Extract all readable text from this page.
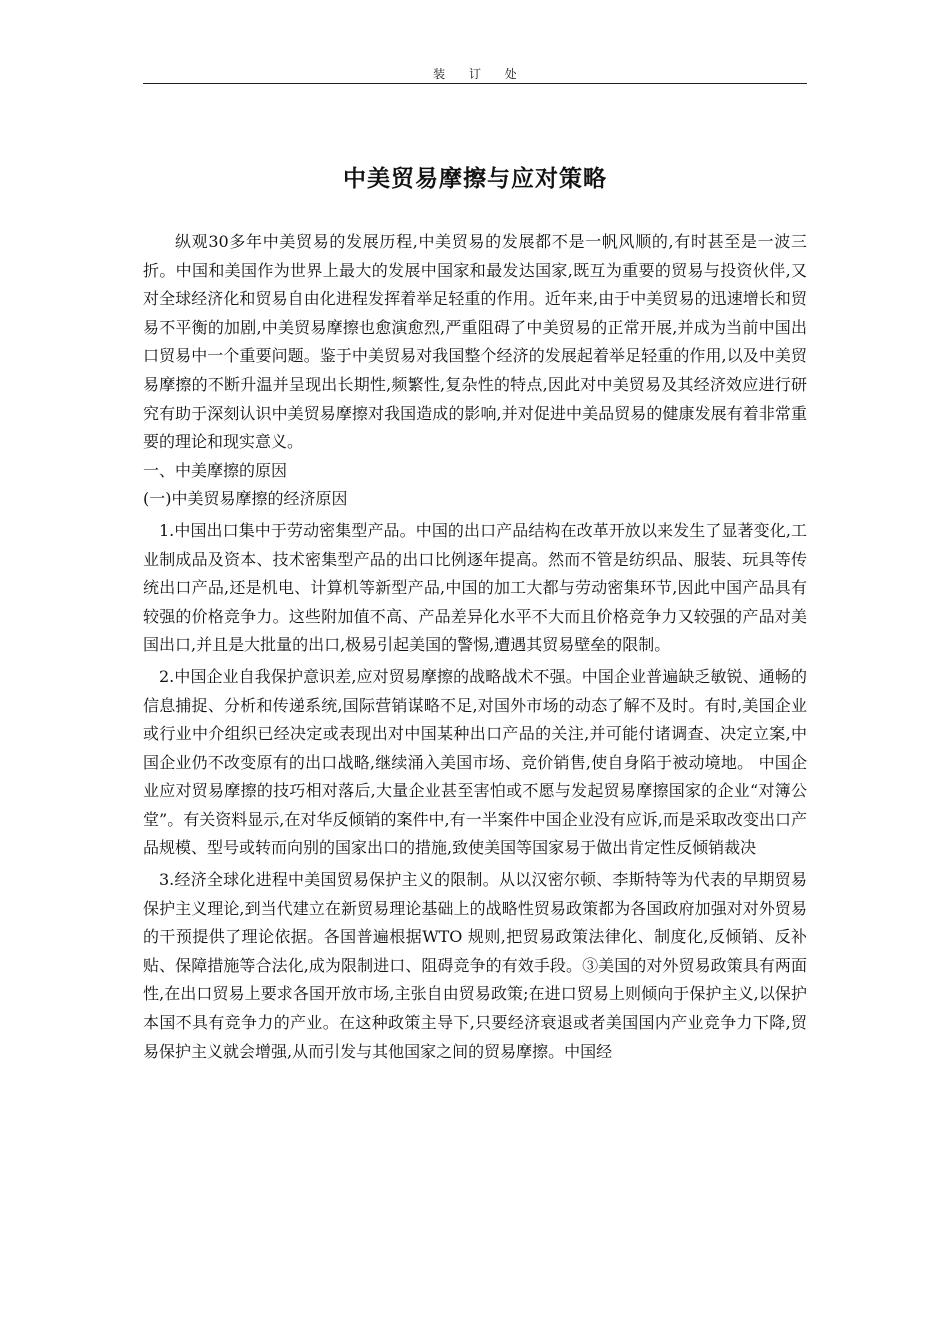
装 订 处
中美贸易摩擦与应对策略

纵观30多年中美贸易的发展历程,中美贸易的发展都不是一帆风顺的,有时甚至是一波三折。中国和美国作为世界上最大的发展中国家和最发达国家,既互为重要的贸易与投资伙伴,又对全球经济化和贸易自由化进程发挥着举足轻重的作用。近年来,由于中美贸易的迅速增长和贸易不平衡的加剧,中美贸易摩擦也愈演愈烈,严重阻碍了中美贸易的正常开展,并成为当前中国出口贸易中一个重要问题。鉴于中美贸易对我国整个经济的发展起着举足轻重的作用,以及中美贸易摩擦的不断升温并呈现出长期性,频繁性,复杂性的特点,因此对中美贸易及其经济效应进行研究有助于深刻认识中美贸易摩擦对我国造成的影响,并对促进中美品贸易的健康发展有着非常重要的理论和现实意义。

一、中美摩擦的原因

(一)中美贸易摩擦的经济原因

1.中国出口集中于劳动密集型产品。中国的出口产品结构在改革开放以来发生了显著变化,工业制成品及资本、技术密集型产品的出口比例逐年提高。然而不管是纺织品、服装、玩具等传统出口产品,还是机电、计算机等新型产品,中国的加工大都与劳动密集环节,因此中国产品具有较强的价格竞争力。这些附加值不高、产品差异化水平不大而且价格竞争力又较强的产品对美国出口,并且是大批量的出口,极易引起美国的警惕,遭遇其贸易壁垒的限制。

2.中国企业自我保护意识差,应对贸易摩擦的战略战术不强。中国企业普遍缺乏敏锐、通畅的信息捕捉、分析和传递系统,国际营销谋略不足,对国外市场的动态了解不及时。有时,美国企业或行业中介组织已经决定或表现出对中国某种出口产品的关注,并可能付诸调查、决定立案,中国企业仍不改变原有的出口战略,继续涌入美国市场、竞价销售,使自身陷于被动境地。 中国企业应对贸易摩擦的技巧相对落后,大量企业甚至害怕或不愿与发起贸易摩擦国家的企业“对簿公堂”。有关资料显示,在对华反倾销的案件中,有一半案件中国企业没有应诉,而是采取改变出口产品规模、型号或转而向别的国家出口的措施,致使美国等国家易于做出肯定性反倾销裁决

3.经济全球化进程中美国贸易保护主义的限制。从以汉密尔顿、李斯特等为代表的早期贸易保护主义理论,到当代建立在新贸易理论基础上的战略性贸易政策都为各国政府加强对对外贸易的干预提供了理论依据。各国普遍根据WTO 规则,把贸易政策法律化、制度化,反倾销、反补贴、保障措施等合法化,成为限制进口、阻碍竞争的有效手段。③美国的对外贸易政策具有两面性,在出口贸易上要求各国开放市场,主张自由贸易政策;在进口贸易上则倾向于保护主义,以保护本国不具有竞争力的产业。在这种政策主导下,只要经济衰退或者美国国内产业竞争力下降,贸易保护主义就会增强,从而引发与其他国家之间的贸易摩擦。中国经
